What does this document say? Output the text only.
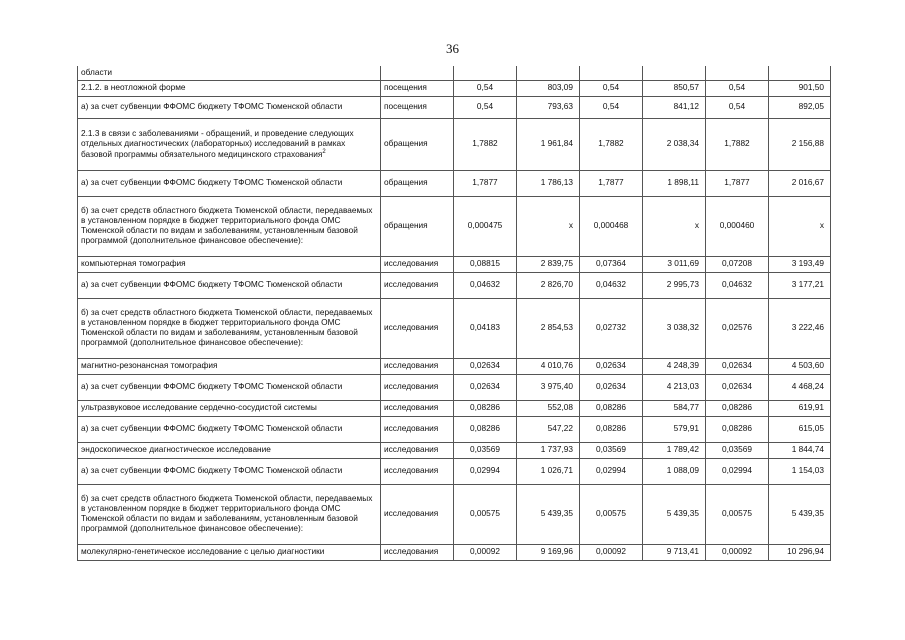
36
области							
2.1.2. в неотложной форме	посещения	0,54	803,09	0,54	850,57	0,54	901,50
а) за счет субвенции ФФОМС бюджету ТФОМС Тюменской области	посещения	0,54	793,63	0,54	841,12	0,54	892,05
2.1.3 в связи с заболеваниями - обращений, и проведение следующих отдельных диагностических (лабораторных) исследований в рамках базовой программы обязательного медицинского страхования$^2$	обращения	1,7882	1 961,84	1,7882	2 038,34	1,7882	2 156,88
а) за счет субвенции ФФОМС бюджету ТФОМС Тюменской области	обращения	1,7877	1 786,13	1,7877	1 898,11	1,7877	2 016,67
б) за счет средств областного бюджета Тюменской области, передаваемых в установленном порядке в бюджет территориального фонда ОМС Тюменской области по видам и заболеваниям, установленным базовой программой (дополнительное финансовое обеспечение):	обращения	0,000475	х	0,000468	х	0,000460	х
компьютерная томография	исследования	0,08815	2 839,75	0,07364	3 011,69	0,07208	3 193,49
а) за счет субвенции ФФОМС бюджету ТФОМС Тюменской области	исследования	0,04632	2 826,70	0,04632	2 995,73	0,04632	3 177,21
б) за счет средств областного бюджета Тюменской области, передаваемых в установленном порядке в бюджет территориального фонда ОМС Тюменской области по видам и заболеваниям, установленным базовой программой (дополнительное финансовое обеспечение):	исследования	0,04183	2 854,53	0,02732	3 038,32	0,02576	3 222,46
магнитно-резонансная томография	исследования	0,02634	4 010,76	0,02634	4 248,39	0,02634	4 503,60
а) за счет субвенции ФФОМС бюджету ТФОМС Тюменской области	исследования	0,02634	3 975,40	0,02634	4 213,03	0,02634	4 468,24
ультразвуковое исследование сердечно-сосудистой системы	исследования	0,08286	552,08	0,08286	584,77	0,08286	619,91
а) за счет субвенции ФФОМС бюджету ТФОМС Тюменской области	исследования	0,08286	547,22	0,08286	579,91	0,08286	615,05
эндоскопическое диагностическое исследование	исследования	0,03569	1 737,93	0,03569	1 789,42	0,03569	1 844,74
а) за счет субвенции ФФОМС бюджету ТФОМС Тюменской области	исследования	0,02994	1 026,71	0,02994	1 088,09	0,02994	1 154,03
б) за счет средств областного бюджета Тюменской области, передаваемых в установленном порядке в бюджет территориального фонда ОМС Тюменской области по видам и заболеваниям, установленным базовой программой (дополнительное финансовое обеспечение):	исследования	0,00575	5 439,35	0,00575	5 439,35	0,00575	5 439,35
молекулярно-генетическое исследование с целью диагностики	исследования	0,00092	9 169,96	0,00092	9 713,41	0,00092	10 296,94
